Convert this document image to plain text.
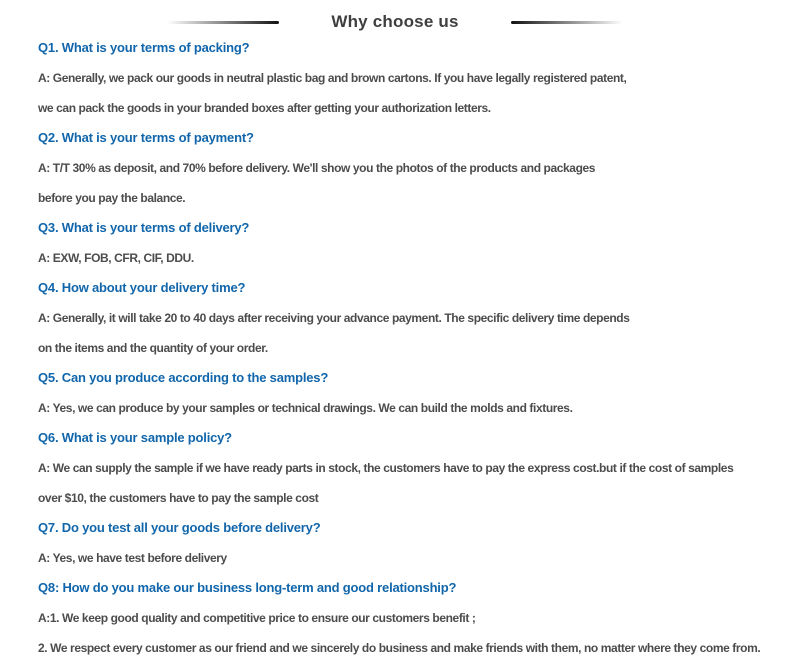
Why choose us

Q1. What is your terms of packing?

A: Generally, we pack our goods in neutral plastic bag and brown cartons. If you have legally registered patent,

we can pack the goods in your branded boxes after getting your authorization letters.

Q2. What is your terms of payment?

A: T/T 30% as deposit, and 70% before delivery. We'll show you the photos of the products and packages

before you pay the balance.

Q3. What is your terms of delivery?

A: EXW, FOB, CFR, CIF, DDU.

Q4. How about your delivery time?

A: Generally, it will take 20 to 40 days after receiving your advance payment. The specific delivery time depends

on the items and the quantity of your order.

Q5. Can you produce according to the samples?

A: Yes, we can produce by your samples or technical drawings. We can build the molds and fixtures.

Q6. What is your sample policy?

A: We can supply the sample if we have ready parts in stock, the customers have to pay the express cost.but if the cost of samples

over $10, the customers have to pay the sample cost

Q7. Do you test all your goods before delivery?

A: Yes, we have test before delivery

Q8: How do you make our business long-term and good relationship?

A:1. We keep good quality and competitive price to ensure our customers benefit ;

2. We respect every customer as our friend and we sincerely do business and make friends with them, no matter where they come from.
